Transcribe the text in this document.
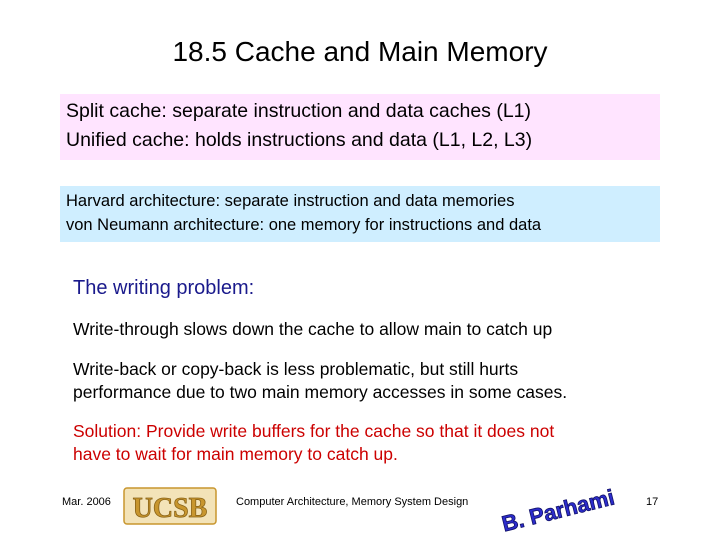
18.5 Cache and Main Memory
Split cache: separate instruction and data caches (L1)
Unified cache: holds instructions and data (L1, L2, L3)
Harvard architecture: separate instruction and data memories
von Neumann architecture: one memory for instructions and data
The writing problem:
Write-through slows down the cache to allow main to catch up
Write-back or copy-back is less problematic, but still hurts
performance due to two main memory accesses in some cases.
Solution: Provide write buffers for the cache so that it does not
have to wait for main memory to catch up.
Mar. 2006 UCSB	Computer Architecture, Memory System Design B. Parhami	17
